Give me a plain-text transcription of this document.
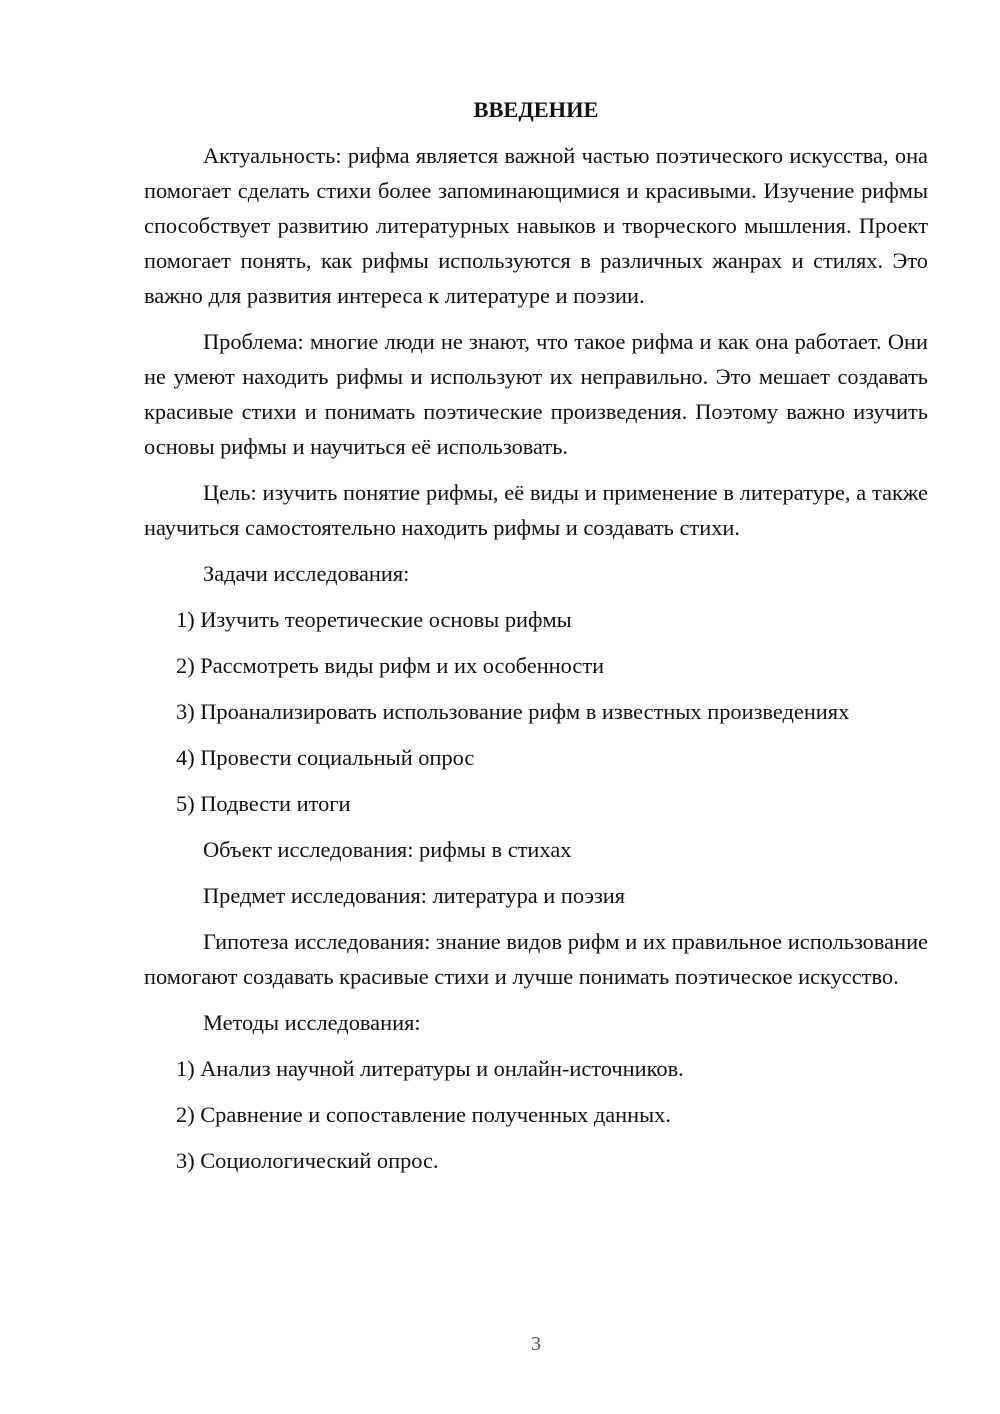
ВВЕДЕНИЕ

Актуальность: рифма является важной частью поэтического искусства, она помогает сделать стихи более запоминающимися и красивыми. Изучение рифмы способствует развитию литературных навыков и творческого мышления. Проект помогает понять, как рифмы используются в различных жанрах и стилях. Это важно для развития интереса к литературе и поэзии.

Проблема: многие люди не знают, что такое рифма и как она работает. Они не умеют находить рифмы и используют их неправильно. Это мешает создавать красивые стихи и понимать поэтические произведения. Поэтому важно изучить основы рифмы и научиться её использовать.

Цель: изучить понятие рифмы, её виды и применение в литературе, а также научиться самостоятельно находить рифмы и создавать стихи.

Задачи исследования:

1) Изучить теоретические основы рифмы

2) Рассмотреть виды рифм и их особенности

3) Проанализировать использование рифм в известных произведениях

4) Провести социальный опрос

5) Подвести итоги

Объект исследования: рифмы в стихах

Предмет исследования: литература и поэзия

Гипотеза исследования: знание видов рифм и их правильное использование помогают создавать красивые стихи и лучше понимать поэтическое искусство.

Методы исследования:

1) Анализ научной литературы и онлайн-источников.

2) Сравнение и сопоставление полученных данных.

3) Социологический опрос.

3
